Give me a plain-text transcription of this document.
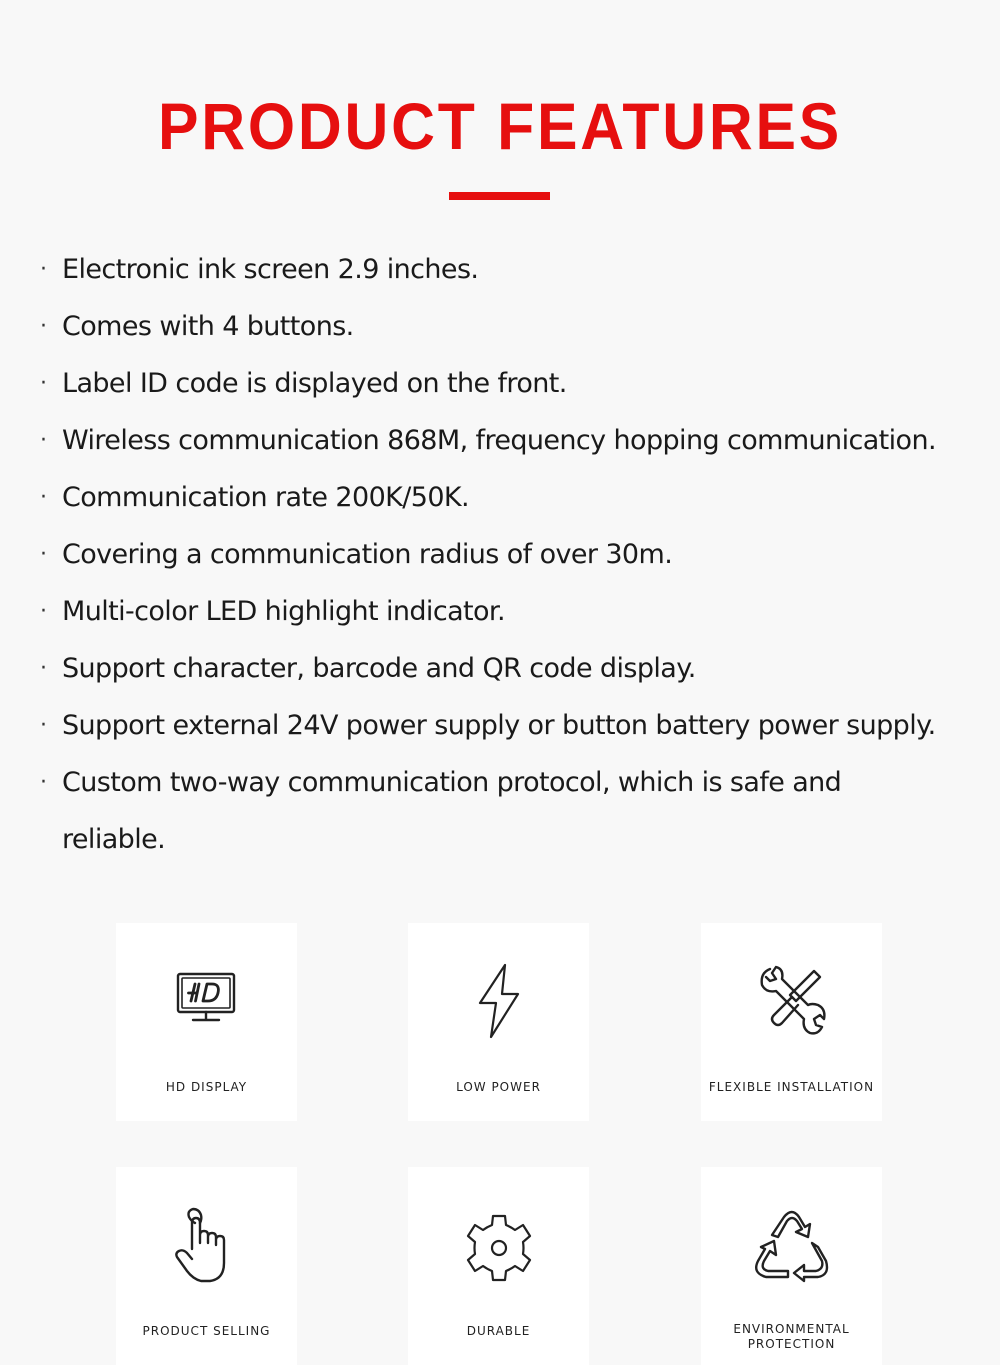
PRODUCT FEATURES
· Electronic ink screen 2.9 inches.
· Comes with 4 buttons.
· Label ID code is displayed on the front.
· Wireless communication 868M, frequency hopping communication.
· Communication rate 200K/50K.
· Covering a communication radius of over 30m.
· Multi-color LED highlight indicator.
· Support character, barcode and QR code display.
· Support external 24V power supply or button battery power supply.
· Custom two-way communication protocol, which is safe and reliable.
HD DISPLAY	LOW POWER	FLEXIBLE INSTALLATION
PRODUCT SELLING	DURABLE	ENVIRONMENTAL PROTECTION
